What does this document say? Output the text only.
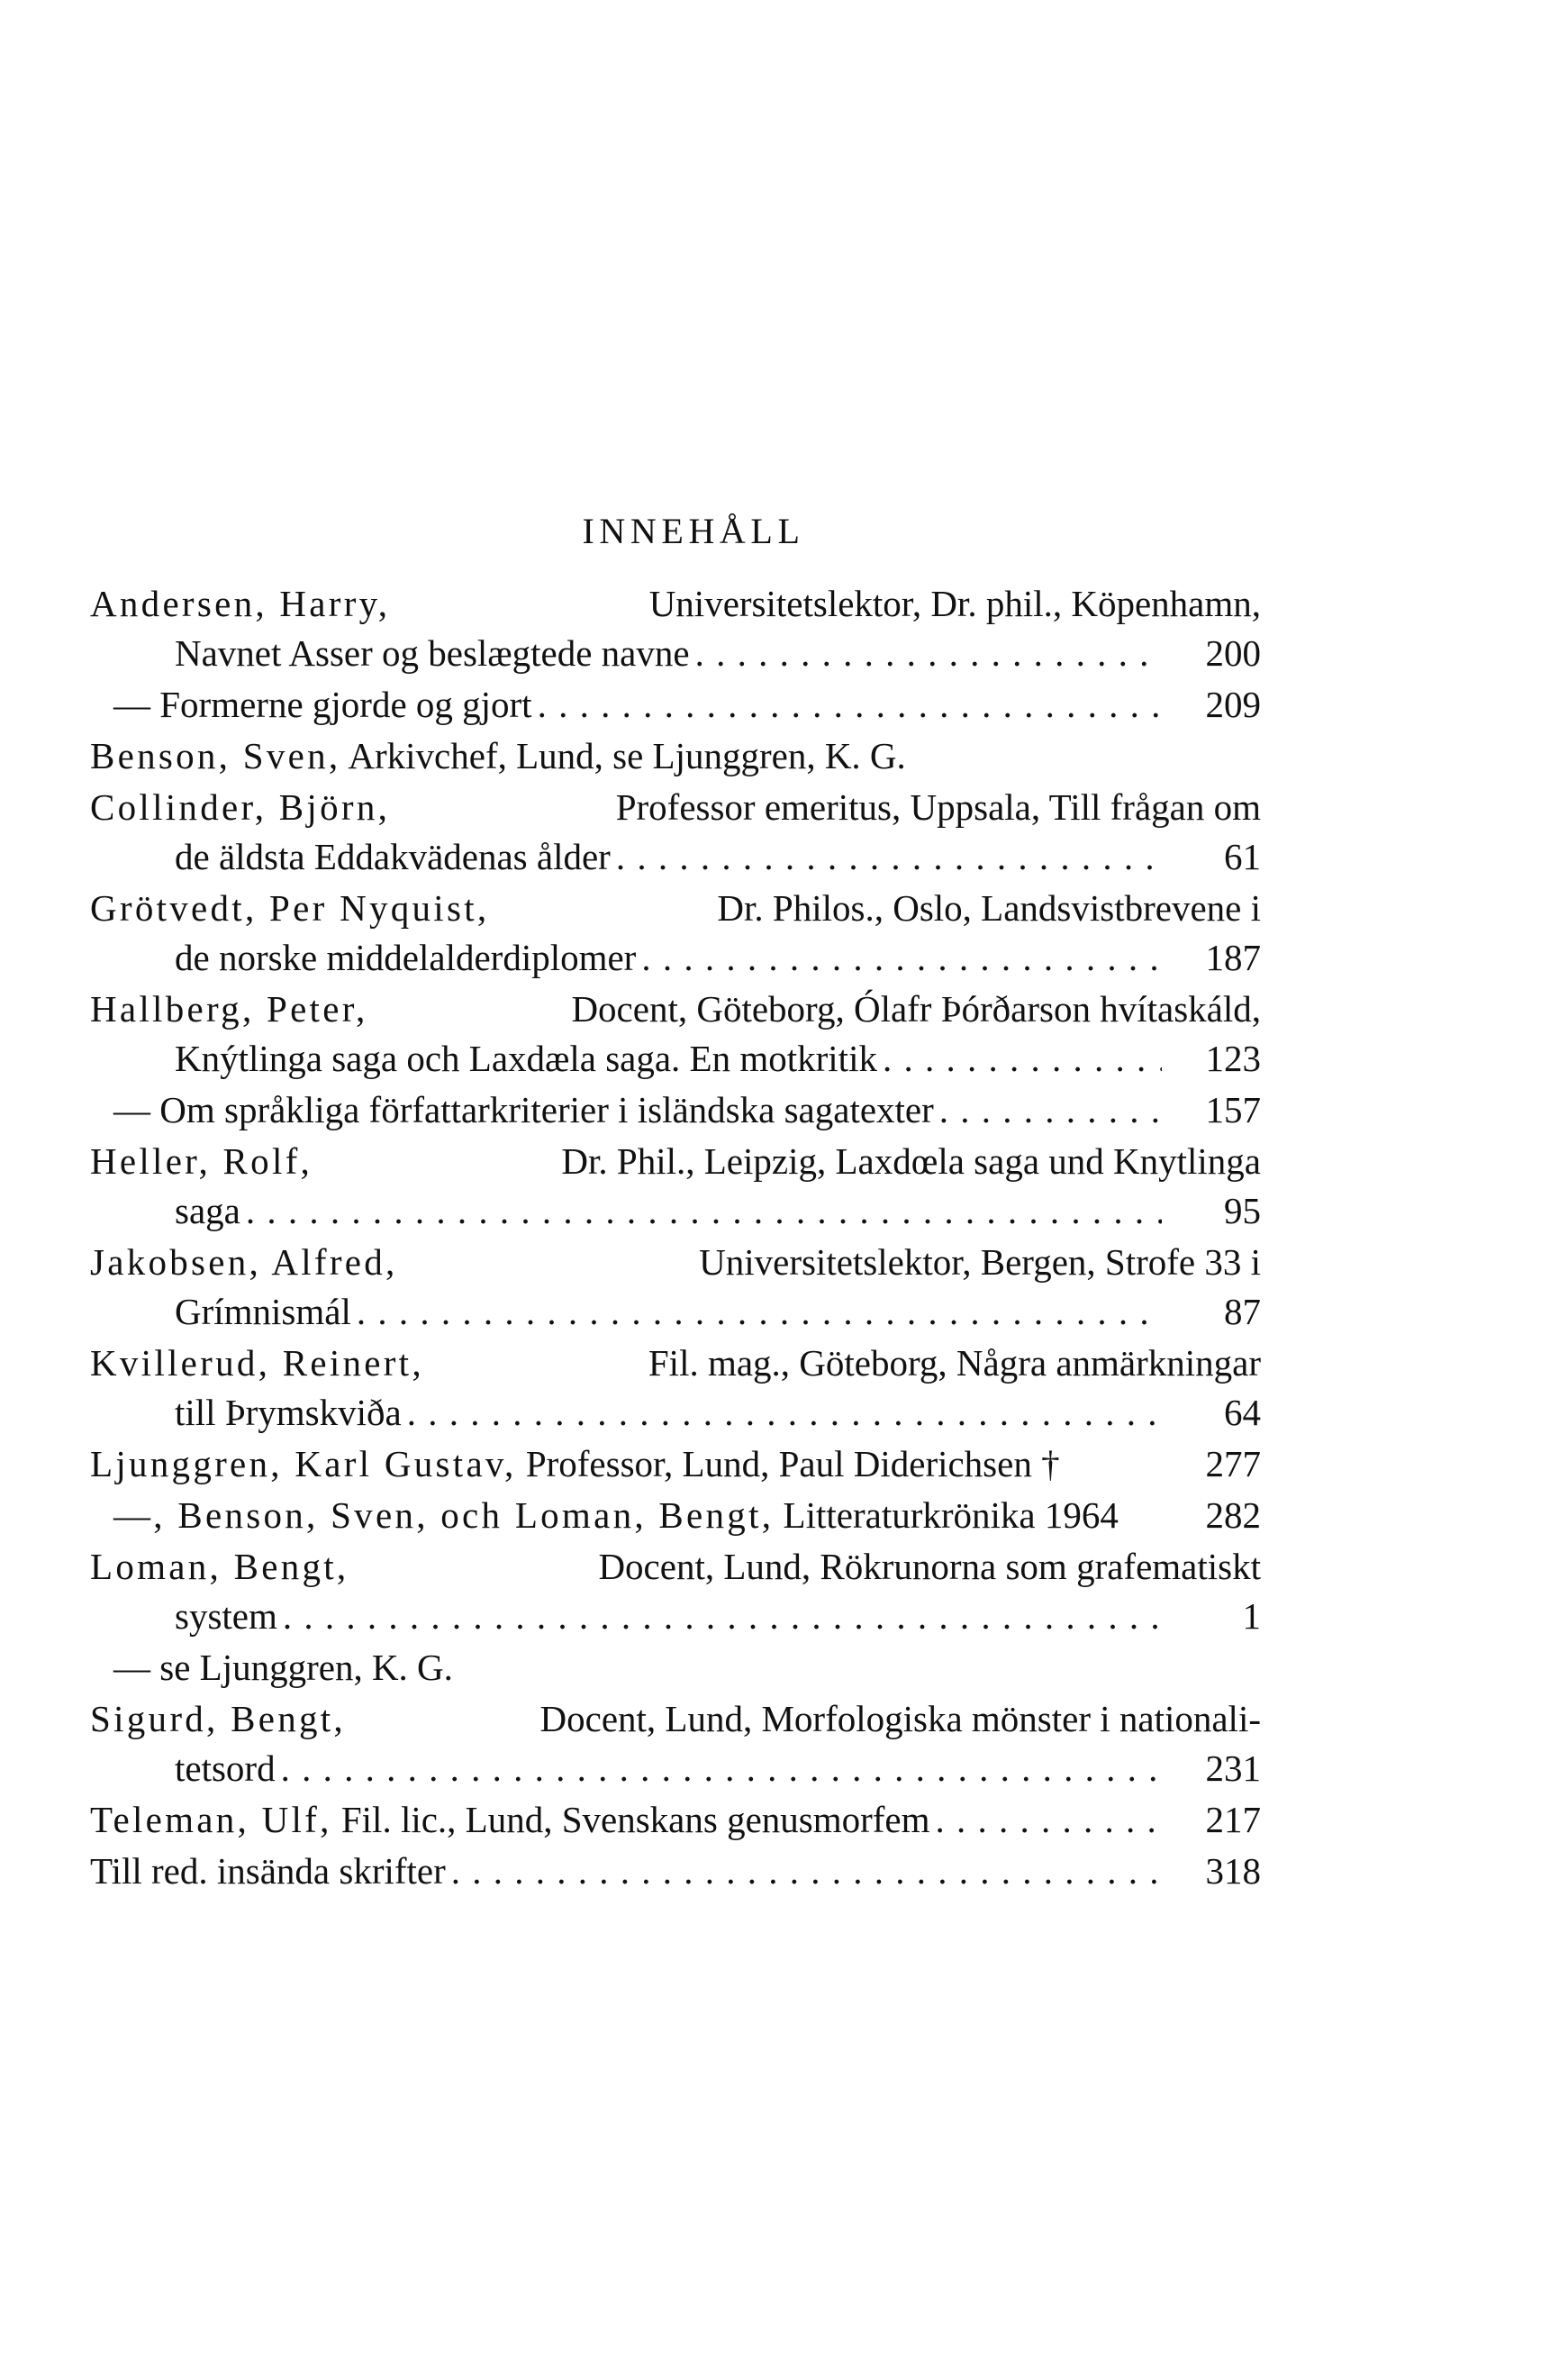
INNEHÅLL
Andersen, Harry,	Universitetslektor, Dr. phil., Köpenhamn,
Navnet Asser og beslægtede navne . . .	200
— Formerne gjorde og gjort . . .	209
Benson, Sven, Arkivchef, Lund, se Ljunggren, K. G.
Collinder, Björn,	Professor emeritus, Uppsala, Till frågan om
de äldsta Eddakvädenas ålder . . .	61
Grötvedt, Per Nyquist,	Dr. Philos., Oslo, Landsvistbrevene i
de norske middelalderdiplomer . . .	187
Hallberg, Peter,	Docent, Göteborg, Ólafr Þórðarson hvítaskáld,
Knýtlinga saga och Laxdæla saga. En motkritik . . .	123
— Om språkliga författarkriterier i isländska sagatexter . . .	157
Heller, Rolf,	Dr. Phil., Leipzig, Laxdœla saga und Knytlinga
saga . . .	95
Jakobsen, Alfred,	Universitetslektor, Bergen, Strofe 33 i
Grímnismál . . .	87
Kvillerud, Reinert,	Fil. mag., Göteborg, Några anmärkningar
till Þrymskviða . . .	64
Ljunggren, Karl Gustav, Professor, Lund, Paul Diderichsen †	277
—, Benson, Sven, och Loman, Bengt, Litteraturkrönika 1964	282
Loman, Bengt,	Docent, Lund, Rökrunorna som grafematiskt
system . . .	1
— se Ljunggren, K. G.
Sigurd, Bengt,	Docent, Lund, Morfologiska mönster i nationali-
tetsord . . .	231
Teleman, Ulf, Fil. lic., Lund, Svenskans genusmorfem . . .	217
Till red. insända skrifter . . .	318
